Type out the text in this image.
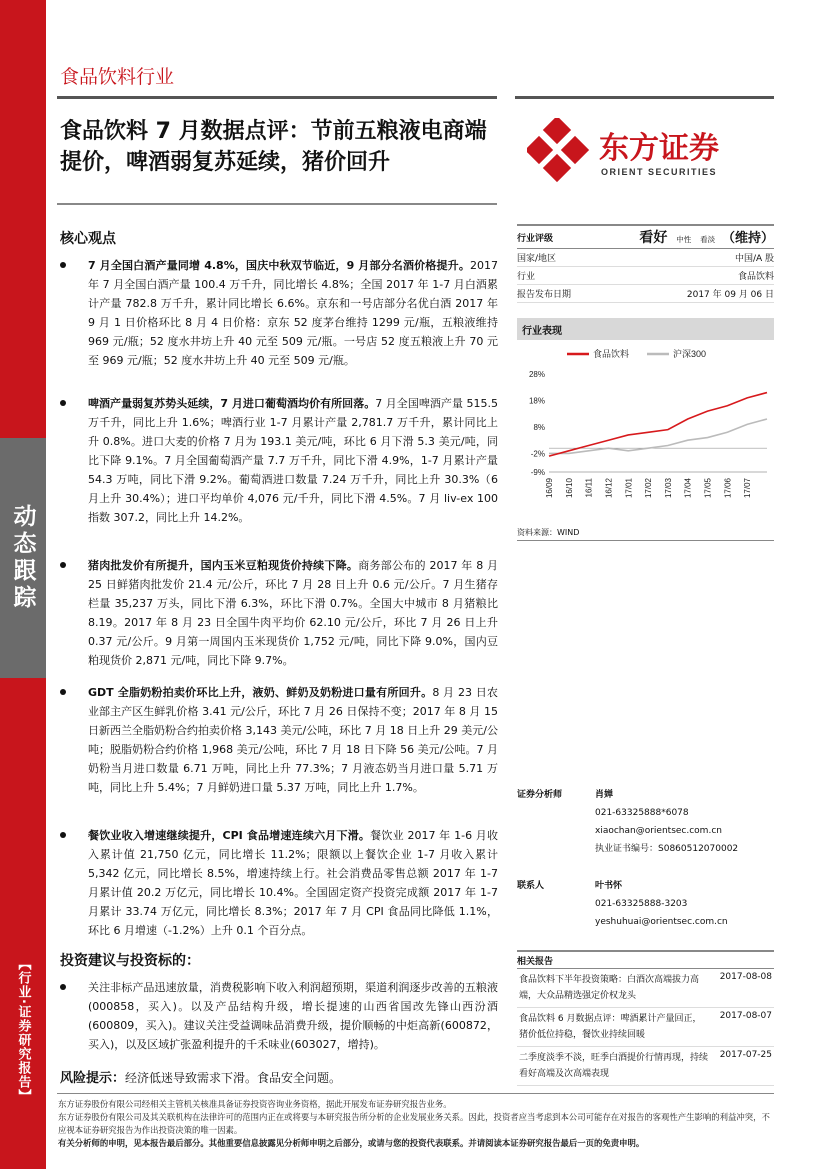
动态跟踪
【行业·证券研究报告】
食品饮料行业
食品饮料 7 月数据点评：节前五粮液电商端提价，啤酒弱复苏延续，猪价回升	东方证券
ORIENT SECURITIES
核心观点
7 月全国白酒产量同增 4.8%，国庆中秋双节临近，9 月部分名酒价格提升。2017 年 7 月全国白酒产量 100.4 万千升，同比增长 4.8%；全国 2017 年 1-7 月白酒累计产量 782.8 万千升，累计同比增长 6.6%。京东和一号店部分名优白酒 2017 年 9 月 1 日价格环比 8 月 4 日价格：京东 52 度茅台维持 1299 元/瓶，五粮液维持 969 元/瓶；52 度水井坊上升 40 元至 509 元/瓶。一号店 52 度五粮液上升 70 元至 969 元/瓶；52 度水井坊上升 40 元至 509 元/瓶。
啤酒产量弱复苏势头延续，7 月进口葡萄酒均价有所回落。7 月全国啤酒产量 515.5 万千升，同比上升 1.6%；啤酒行业 1-7 月累计产量 2,781.7 万千升，累计同比上升 0.8%。进口大麦的价格 7 月为 193.1 美元/吨，环比 6 月下滑 5.3 美元/吨，同比下降 9.1%。7 月全国葡萄酒产量 7.7 万千升，同比下滑 4.9%，1-7 月累计产量 54.3 万吨，同比下滑 9.2%。葡萄酒进口数量 7.24 万千升，同比上升 30.3%（6 月上升 30.4%）；进口平均单价 4,076 元/千升，同比下滑 4.5%。7 月 liv-ex 100 指数 307.2，同比上升 14.2%。
猪肉批发价有所提升，国内玉米豆粕现货价持续下降。商务部公布的 2017 年 8 月 25 日鲜猪肉批发价 21.4 元/公斤，环比 7 月 28 日上升 0.6 元/公斤。7 月生猪存栏量 35,237 万头，同比下滑 6.3%，环比下滑 0.7%。全国大中城市 8 月猪粮比 8.19。2017 年 8 月 23 日全国牛肉平均价 62.10 元/公斤，环比 7 月 26 日上升 0.37 元/公斤。9 月第一周国内玉米现货价 1,752 元/吨，同比下降 9.0%，国内豆粕现货价 2,871 元/吨，同比下降 9.7%。
GDT 全脂奶粉拍卖价环比上升，液奶、鲜奶及奶粉进口量有所回升。8 月 23 日农业部主产区生鲜乳价格 3.41 元/公斤，环比 7 月 26 日保持不变；2017 年 8 月 15 日新西兰全脂奶粉合约拍卖价格 3,143 美元/公吨，环比 7 月 18 日上升 29 美元/公吨；脱脂奶粉合约价格 1,968 美元/公吨，环比 7 月 18 日下降 56 美元/公吨。7 月奶粉当月进口数量 6.71 万吨，同比上升 77.3%；7 月液态奶当月进口量 5.71 万吨，同比上升 5.4%；7 月鲜奶进口量 5.37 万吨，同比上升 1.7%。
餐饮业收入增速继续提升，CPI 食品增速连续六月下滑。餐饮业 2017 年 1-6 月收入累计值 21,750 亿元，同比增长 11.2%；限额以上餐饮企业 1-7 月收入累计 5,342 亿元，同比增长 8.5%，增速持续上行。社会消费品零售总额 2017 年 1-7 月累计值 20.2 万亿元，同比增长 10.4%。全国固定资产投资完成额 2017 年 1-7 月累计 33.74 万亿元，同比增长 8.3%；2017 年 7 月 CPI 食品同比降低 1.1%，环比 6 月增速（-1.2%）上升 0.1 个百分点。
投资建议与投资标的：
关注非标产品迅速放量，消费税影响下收入利润超预期，渠道利润逐步改善的五粮液(000858，买入)。以及产品结构升级，增长提速的山西省国改先锋山西汾酒(600809，买入)。建议关注受益调味品消费升级，提价顺畅的中炬高新(600872，买入)，以及区域扩张盈利提升的千禾味业(603027，增持)。
风险提示：经济低迷导致需求下滑。食品安全问题。
东方证券股份有限公司经相关主管机关核准具备证券投资咨询业务资格，据此开展发布证券研究报告业务。
东方证券股份有限公司及其关联机构在法律许可的范围内正在或将要与本研究报告所分析的企业发展业务关系。因此，投资者应当考虑到本公司可能存在对报告的客观性产生影响的利益冲突，不应视本证券研究报告为作出投资决策的唯一因素。
有关分析师的申明，见本报告最后部分。其他重要信息披露见分析师申明之后部分，或请与您的投资代表联系。并请阅读本证券研究报告最后一页的免责申明。
行业评级	看好 中性 看淡 （维持）
国家/地区	中国/A 股
行业	食品饮料
报告发布日期	2017 年 09 月 06 日
行业表现
食品饮料	沪深300
28%
18%
8%
-2%
-9%
16/09 16/10 16/11 16/12 17/01 17/02 17/03 17/04 17/05 17/06 17/07
资料来源：WIND
证券分析师	肖婵
021-63325888*6078
xiaochan@orientsec.com.cn
执业证书编号：S0860512070002
联系人	叶书怀
021-63325888-3203
yeshuhuai@orientsec.com.cn
相关报告
食品饮料下半年投资策略：白酒次高端拔力高端，大众品精选强定价权龙头
2017-08-08
食品饮料 6 月数据点评：啤酒累计产量回正，猪价低位持稳，餐饮业持续回暖
2017-08-07
二季度淡季不淡，旺季白酒提价行情再现，持续看好高端及次高端表现
2017-07-25
